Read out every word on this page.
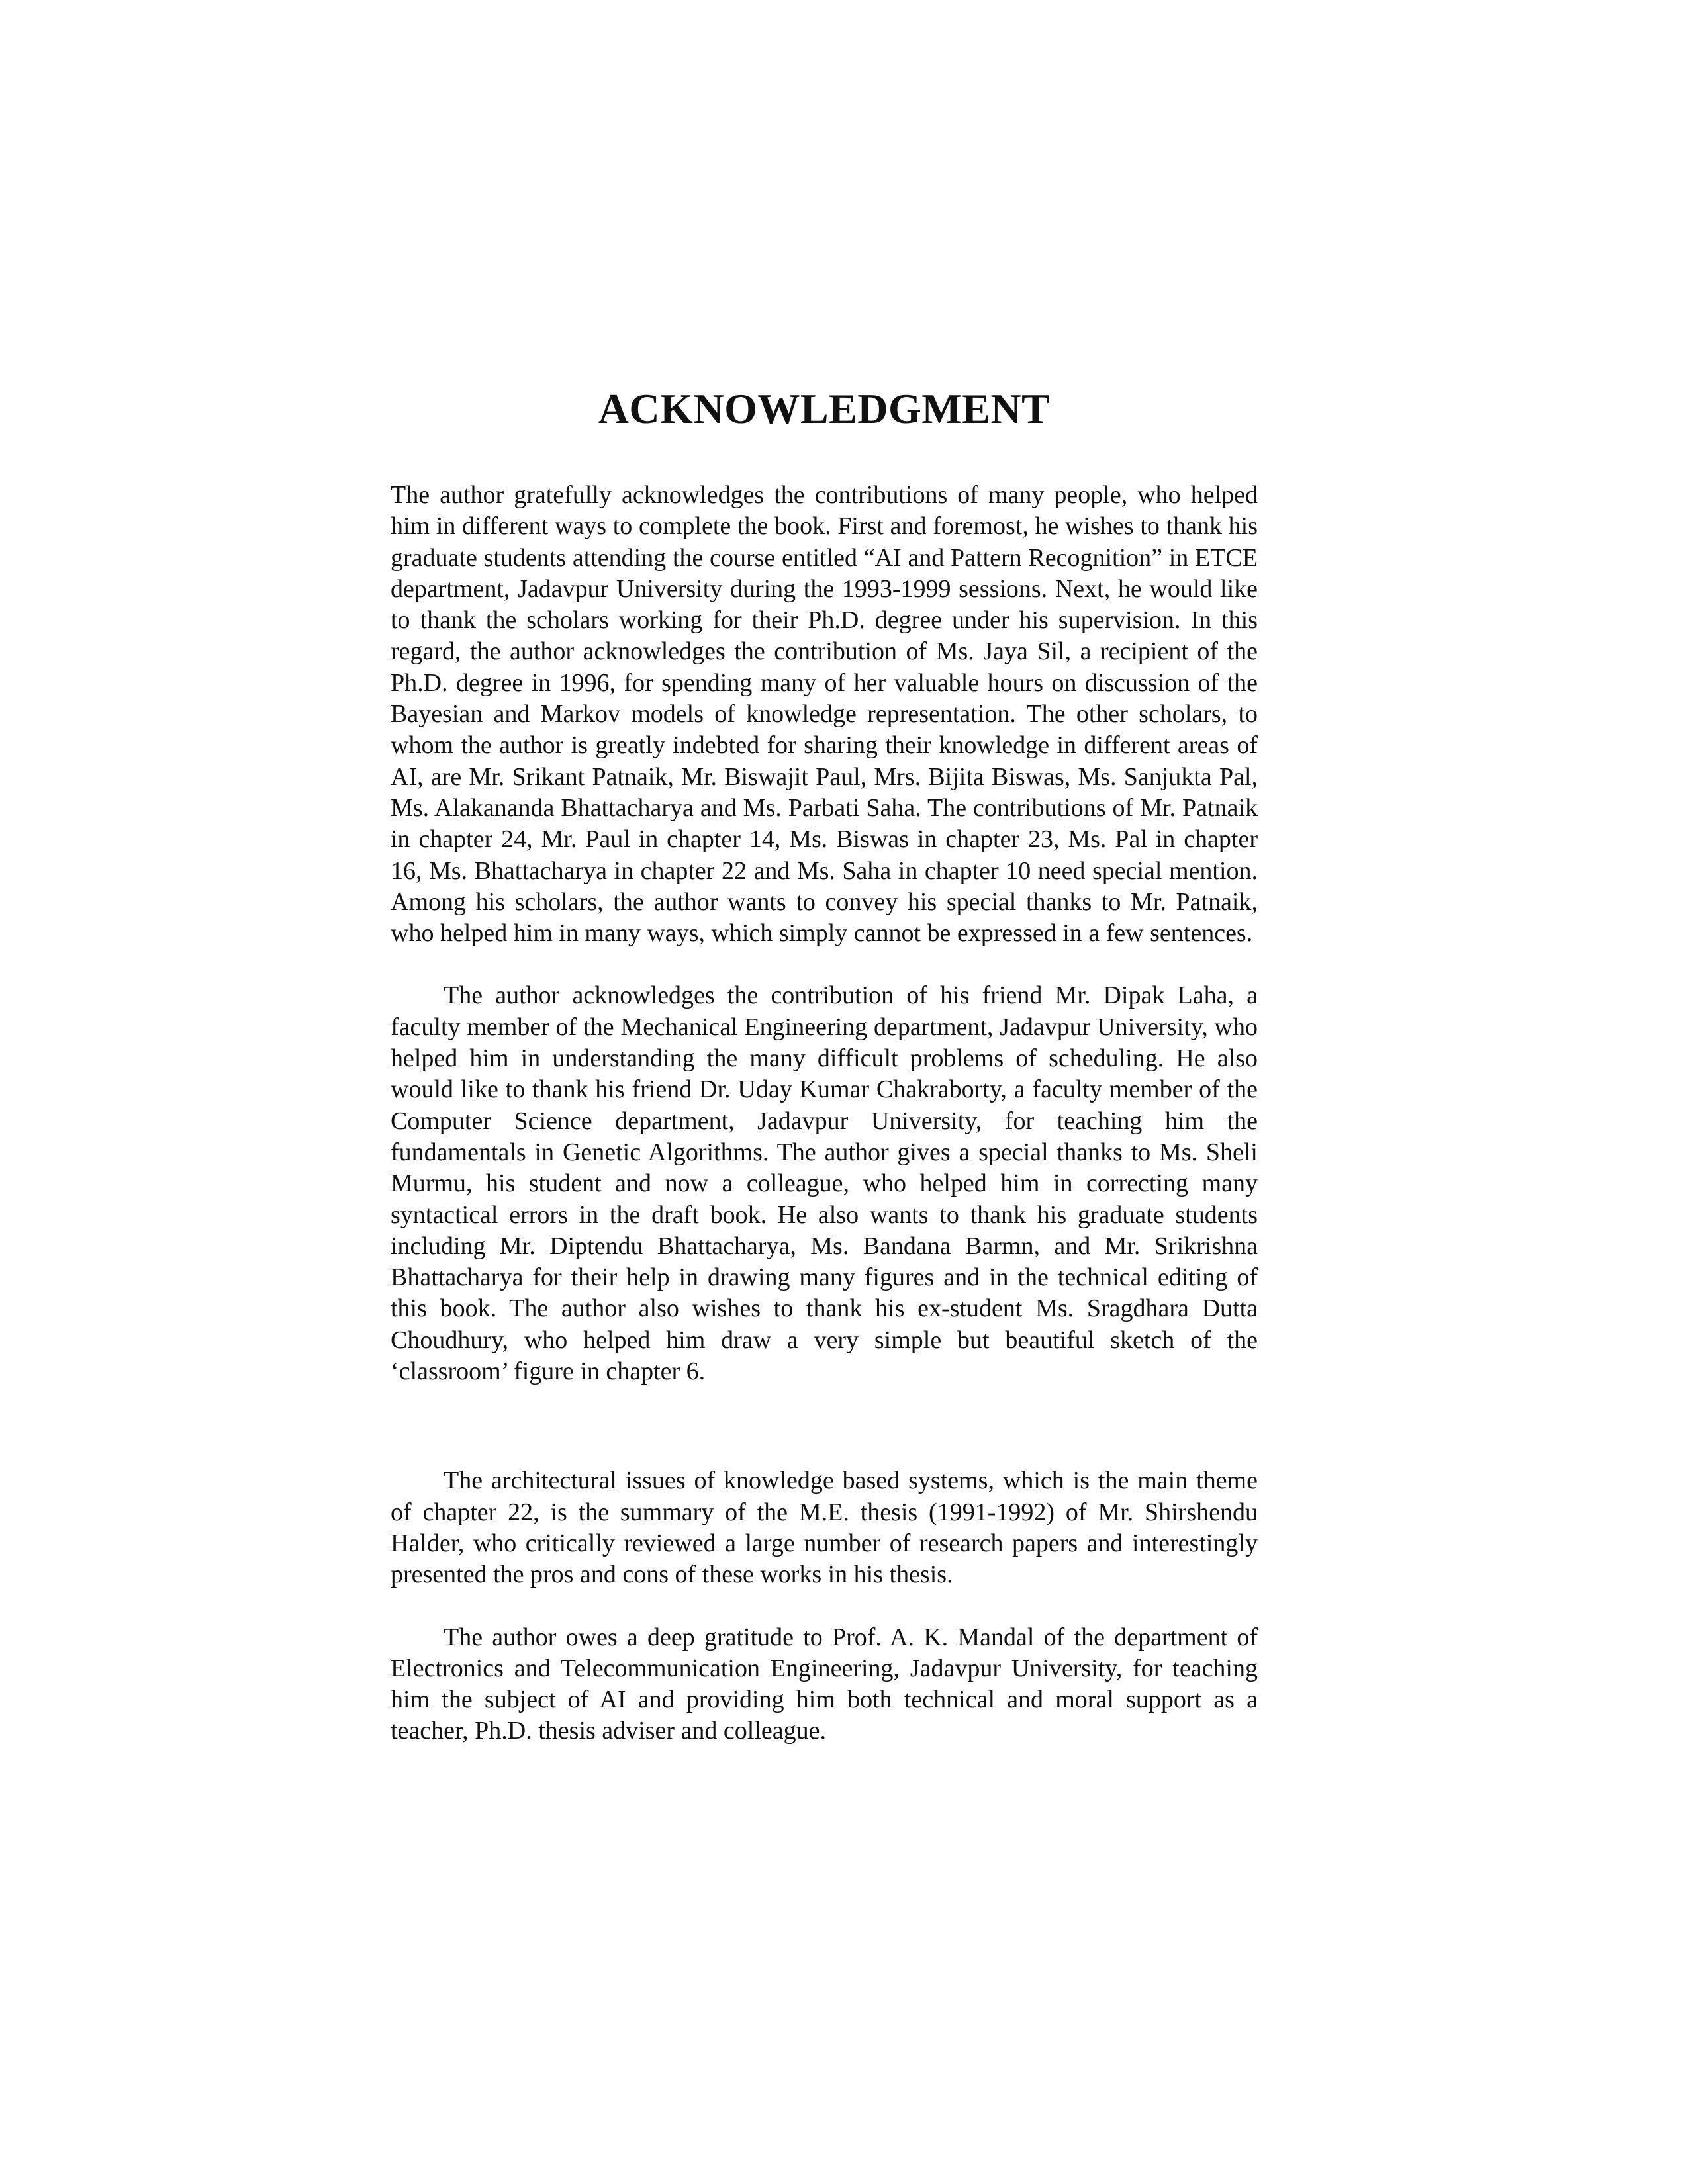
ACKNOWLEDGMENT

The author gratefully acknowledges the contributions of many people, who helped him in different ways to complete the book. First and foremost, he wishes to thank his graduate students attending the course entitled “AI and Pattern Recognition” in ETCE department, Jadavpur University during the 1993-1999 sessions. Next, he would like to thank the scholars working for their Ph.D. degree under his supervision. In this regard, the author acknowledges the contribution of Ms. Jaya Sil, a recipient of the Ph.D. degree in 1996, for spending many of her valuable hours on discussion of the Bayesian and Markov models of knowledge representation. The other scholars, to whom the author is greatly indebted for sharing their knowledge in different areas of AI, are Mr. Srikant Patnaik, Mr. Biswajit Paul, Mrs. Bijita Biswas, Ms. Sanjukta Pal, Ms. Alakananda Bhattacharya and Ms. Parbati Saha. The contributions of Mr. Patnaik in chapter 24, Mr. Paul in chapter 14, Ms. Biswas in chapter 23, Ms. Pal in chapter 16, Ms. Bhattacharya in chapter 22 and Ms. Saha in chapter 10 need special mention. Among his scholars, the author wants to convey his special thanks to Mr. Patnaik, who helped him in many ways, which simply cannot be expressed in a few sentences.

The author acknowledges the contribution of his friend Mr. Dipak Laha, a faculty member of the Mechanical Engineering department, Jadavpur University, who helped him in understanding the many difficult problems of scheduling. He also would like to thank his friend Dr. Uday Kumar Chakraborty, a faculty member of the Computer Science department, Jadavpur University, for teaching him the fundamentals in Genetic Algorithms. The author gives a special thanks to Ms. Sheli Murmu, his student and now a colleague, who helped him in correcting many syntactical errors in the draft book. He also wants to thank his graduate students including Mr. Diptendu Bhattacharya, Ms. Bandana Barmn, and Mr. Srikrishna Bhattacharya for their help in drawing many figures and in the technical editing of this book. The author also wishes to thank his ex-student Ms. Sragdhara Dutta Choudhury, who helped him draw a very simple but beautiful sketch of the ‘classroom’ figure in chapter 6.

The architectural issues of knowledge based systems, which is the main theme of chapter 22, is the summary of the M.E. thesis (1991-1992) of Mr. Shirshendu Halder, who critically reviewed a large number of research papers and interestingly presented the pros and cons of these works in his thesis.

The author owes a deep gratitude to Prof. A. K. Mandal of the department of Electronics and Telecommunication Engineering, Jadavpur University, for teaching him the subject of AI and providing him both technical and moral support as a teacher, Ph.D. thesis adviser and colleague.
